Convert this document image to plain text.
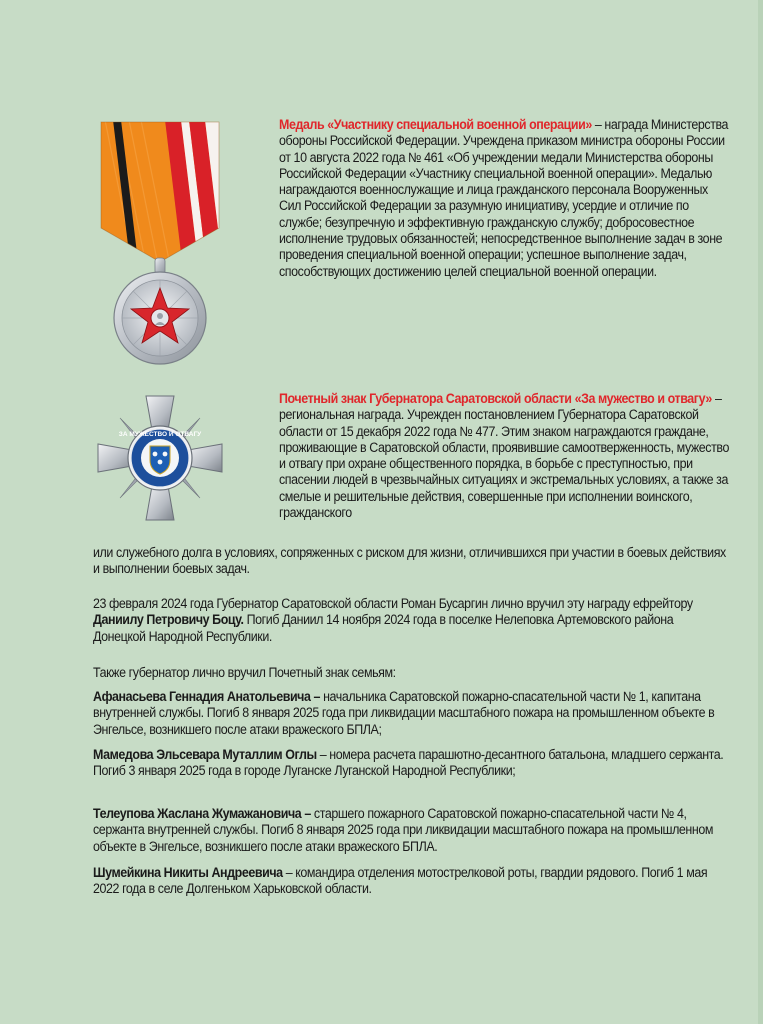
Медаль «Участнику специальной военной операции» – награда Министерства обороны Российской Федерации. Учреждена приказом министра обороны России от 10 августа 2022 года № 461 «Об учреждении медали Министерства обороны Российской Федерации «Участнику специальной военной операции». Медалью награждаются военнослужащие и лица гражданского персонала Вооруженных Сил Российской Федерации за разумную инициативу, усердие и отличие по службе; безупречную и эффективную гражданскую службу; добросовестное исполнение трудовых обязанностей; непосредственное выполнение задач в зоне проведения специальной военной операции; успешное выполнение задач, способствующих достижению целей специальной военной операции.

ЗА МУЖЕСТВО И ОТВАГУ

Почетный знак Губернатора Саратовской области «За мужество и отвагу» – региональная награда. Учрежден постановлением Губернатора Саратовской области от 15 декабря 2022 года № 477. Этим знаком награждаются граждане, проживающие в Саратовской области, проявившие самоотверженность, мужество и отвагу при охране общественного порядка, в борьбе с преступностью, при спасении людей в чрезвычайных ситуациях и экстремальных условиях, а также за смелые и решительные действия, совершенные при исполнении воинского, гражданского

или служебного долга в условиях, сопряженных с риском для жизни, отличившихся при участии в боевых действиях и выполнении боевых задач.

23 февраля 2024 года Губернатор Саратовской области Роман Бусаргин лично вручил эту награду ефрейтору Даниилу Петровичу Боцу. Погиб Даниил 14 ноября 2024 года в поселке Нелеповка Артемовского района Донецкой Народной Республики.

Также губернатор лично вручил Почетный знак семьям:

Афанасьева Геннадия Анатольевича – начальника Саратовской пожарно-спасательной части № 1, капитана внутренней службы. Погиб 8 января 2025 года при ликвидации масштабного пожара на промышленном объекте в Энгельсе, возникшего после атаки вражеского БПЛА;

Мамедова Эльсевара Муталлим Оглы – номера расчета парашютно-десантного батальона, младшего сержанта. Погиб 3 января 2025 года в городе Луганске Луганской Народной Республики;

Телеупова Жаслана Жумажановича – старшего пожарного Саратовской пожарно-спасательной части № 4, сержанта внутренней службы. Погиб 8 января 2025 года при ликвидации масштабного пожара на промышленном объекте в Энгельсе, возникшего после атаки вражеского БПЛА.

Шумейкина Никиты Андреевича – командира отделения мотострелковой роты, гвардии рядового. Погиб 1 мая 2022 года в селе Долгеньком Харьковской области.
